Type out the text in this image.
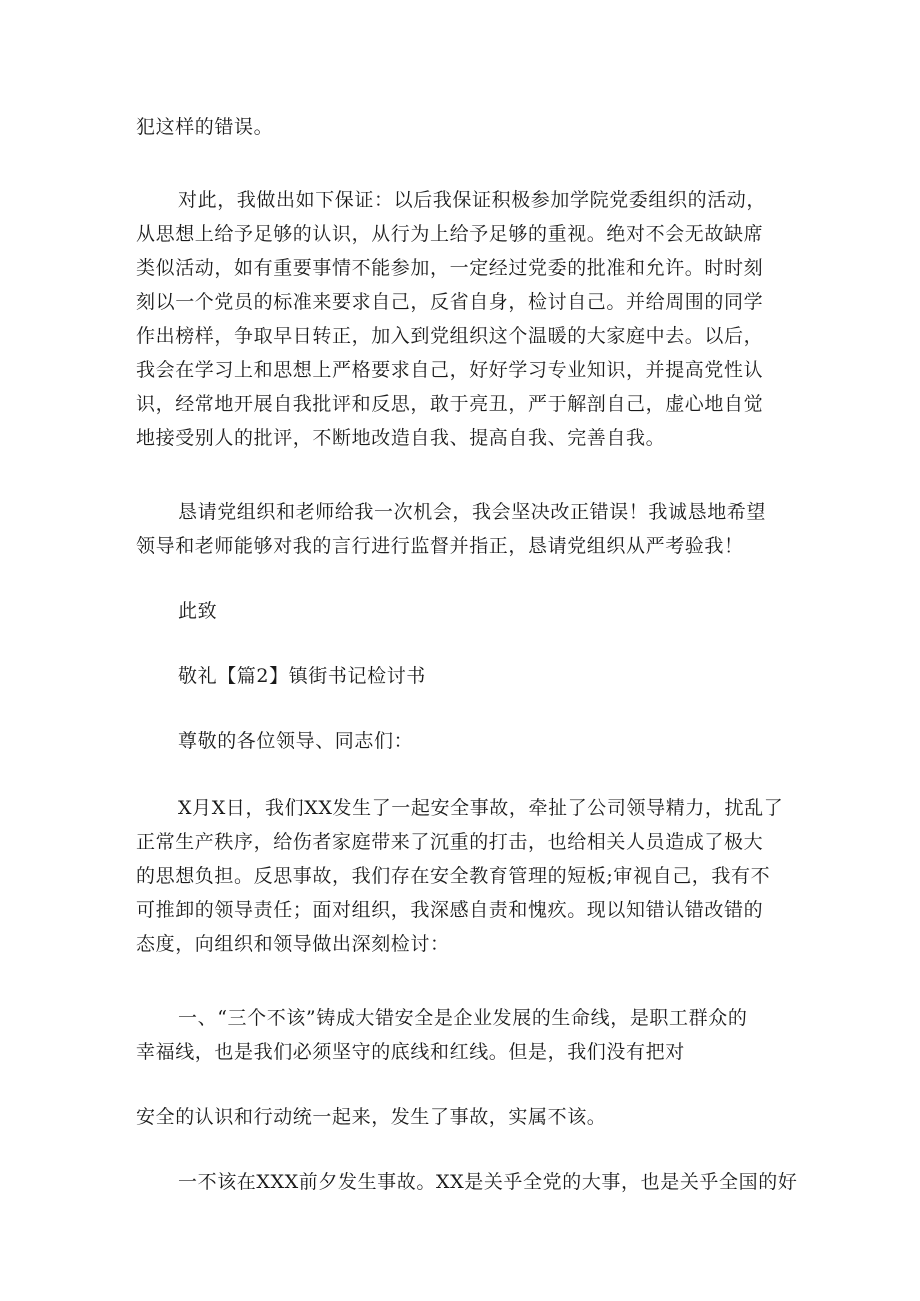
犯这样的错误。

对此，我做出如下保证：以后我保证积极参加学院党委组织的活动，

从思想上给予足够的认识，从行为上给予足够的重视。绝对不会无故缺席

类似活动，如有重要事情不能参加，一定经过党委的批准和允许。时时刻

刻以一个党员的标准来要求自己，反省自身，检讨自己。并给周围的同学

作出榜样，争取早日转正，加入到党组织这个温暖的大家庭中去。以后，

我会在学习上和思想上严格要求自己，好好学习专业知识，并提高党性认

识，经常地开展自我批评和反思，敢于亮丑，严于解剖自己，虚心地自觉

地接受别人的批评，不断地改造自我、提高自我、完善自我。

恳请党组织和老师给我一次机会，我会坚决改正错误！我诚恳地希望

领导和老师能够对我的言行进行监督并指正，恳请党组织从严考验我！

此致

敬礼【篇2】镇街书记检讨书

尊敬的各位领导、同志们：

X月X日，我们XX发生了一起安全事故，牵扯了公司领导精力，扰乱了

正常生产秩序，给伤者家庭带来了沉重的打击，也给相关人员造成了极大

的思想负担。反思事故，我们存在安全教育管理的短板;审视自己，我有不

可推卸的领导责任；面对组织，我深感自责和愧疚。现以知错认错改错的

态度，向组织和领导做出深刻检讨：

一、“三个不该”铸成大错安全是企业发展的生命线，是职工群众的

幸福线，也是我们必须坚守的底线和红线。但是，我们没有把对

安全的认识和行动统一起来，发生了事故，实属不该。

一不该在XXX前夕发生事故。XX是关乎全党的大事，也是关乎全国的好
